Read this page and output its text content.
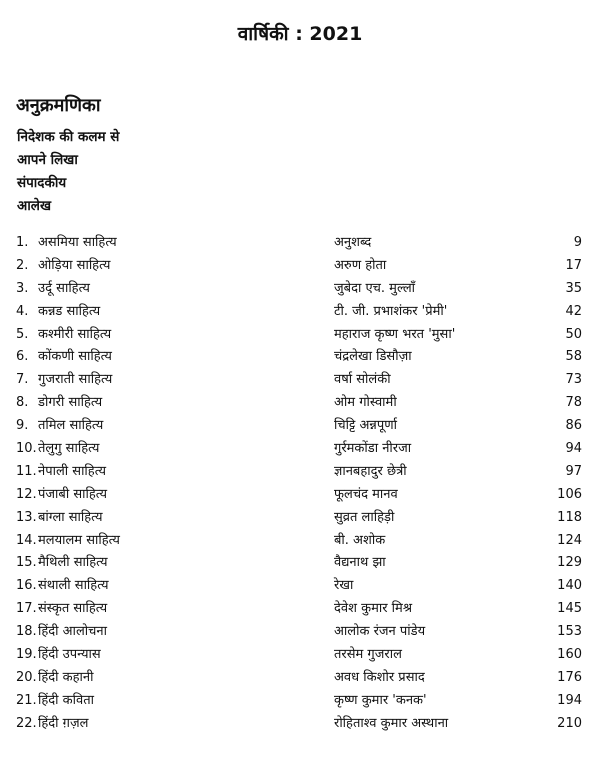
वार्षिकी : 2021
अनुक्रमणिका
निदेशक की कलम से
आपने लिखा
संपादकीय
आलेख
1. असमिया साहित्य	अनुशब्द	9
2. ओड़िया साहित्य	अरुण होता	17
3. उर्दू साहित्य	जुबेदा एच. मुल्लाँ	35
4. कन्नड साहित्य	टी. जी. प्रभाशंकर 'प्रेमी'	42
5. कश्मीरी साहित्य	महाराज कृष्ण भरत 'मुसा'	50
6. कोंकणी साहित्य	चंद्रलेखा डिसौज़ा	58
7. गुजराती साहित्य	वर्षा सोलंकी	73
8. डोगरी साहित्य	ओम गोस्वामी	78
9. तमिल साहित्य	चिट्टि अन्नपूर्णा	86
10. तेलुगु साहित्य	गुर्रमकोंडा नीरजा	94
11. नेपाली साहित्य	ज्ञानबहादुर छेत्री	97
12. पंजाबी साहित्य	फूलचंद मानव	106
13. बांग्ला साहित्य	सुव्रत लाहिड़ी	118
14. मलयालम साहित्य	बी. अशोक	124
15. मैथिली साहित्य	वैद्यनाथ झा	129
16. संथाली साहित्य	रेखा	140
17. संस्कृत साहित्य	देवेश कुमार मिश्र	145
18. हिंदी आलोचना	आलोक रंजन पांडेय	153
19. हिंदी उपन्यास	तरसेम गुजराल	160
20. हिंदी कहानी	अवध किशोर प्रसाद	176
21. हिंदी कविता	कृष्ण कुमार 'कनक'	194
22. हिंदी ग़ज़ल	रोहिताश्व कुमार अस्थाना	210
